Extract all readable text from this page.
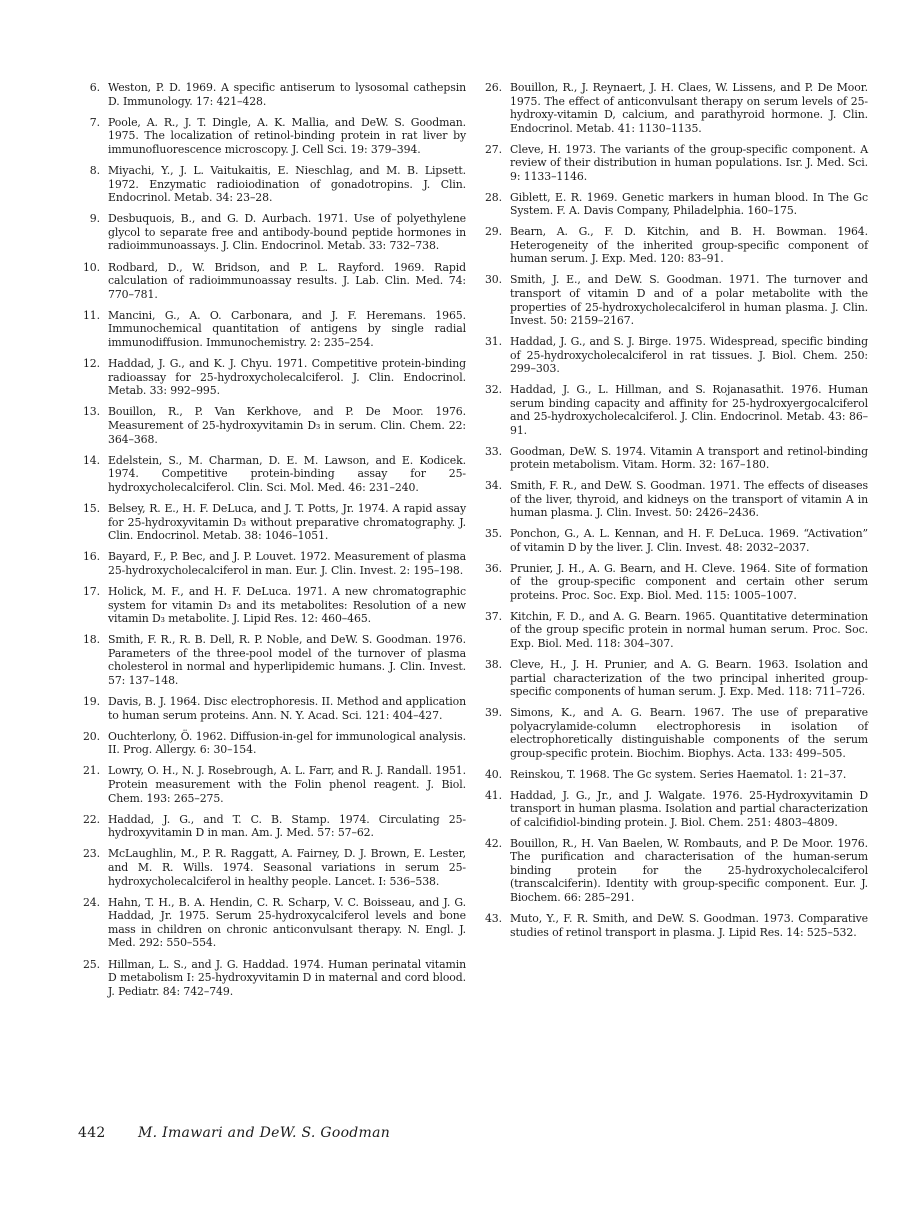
6. Weston, P. D. 1969. A specific antiserum to lysosomal cathepsin D. Immunology. 17: 421–428.
7. Poole, A. R., J. T. Dingle, A. K. Mallia, and DeW. S. Goodman. 1975. The localization of retinol-binding protein in rat liver by immunofluorescence microscopy. J. Cell Sci. 19: 379–394.
8. Miyachi, Y., J. L. Vaitukaitis, E. Nieschlag, and M. B. Lipsett. 1972. Enzymatic radioiodination of gonadotropins. J. Clin. Endocrinol. Metab. 34: 23–28.
9. Desbuquois, B., and G. D. Aurbach. 1971. Use of polyethylene glycol to separate free and antibody-bound peptide hormones in radioimmunoassays. J. Clin. Endocrinol. Metab. 33: 732–738.
10. Rodbard, D., W. Bridson, and P. L. Rayford. 1969. Rapid calculation of radioimmunoassay results. J. Lab. Clin. Med. 74: 770–781.
11. Mancini, G., A. O. Carbonara, and J. F. Heremans. 1965. Immunochemical quantitation of antigens by single radial immunodiffusion. Immunochemistry. 2: 235–254.
12. Haddad, J. G., and K. J. Chyu. 1971. Competitive protein-binding radioassay for 25-hydroxycholecalciferol. J. Clin. Endocrinol. Metab. 33: 992–995.
13. Bouillon, R., P. Van Kerkhove, and P. De Moor. 1976. Measurement of 25-hydroxyvitamin D₃ in serum. Clin. Chem. 22: 364–368.
14. Edelstein, S., M. Charman, D. E. M. Lawson, and E. Kodicek. 1974. Competitive protein-binding assay for 25-hydroxycholecalciferol. Clin. Sci. Mol. Med. 46: 231–240.
15. Belsey, R. E., H. F. DeLuca, and J. T. Potts, Jr. 1974. A rapid assay for 25-hydroxyvitamin D₃ without preparative chromatography. J. Clin. Endocrinol. Metab. 38: 1046–1051.
16. Bayard, F., P. Bec, and J. P. Louvet. 1972. Measurement of plasma 25-hydroxycholecalciferol in man. Eur. J. Clin. Invest. 2: 195–198.
17. Holick, M. F., and H. F. DeLuca. 1971. A new chromatographic system for vitamin D₃ and its metabolites: Resolution of a new vitamin D₃ metabolite. J. Lipid Res. 12: 460–465.
18. Smith, F. R., R. B. Dell, R. P. Noble, and DeW. S. Goodman. 1976. Parameters of the three-pool model of the turnover of plasma cholesterol in normal and hyperlipidemic humans. J. Clin. Invest. 57: 137–148.
19. Davis, B. J. 1964. Disc electrophoresis. II. Method and application to human serum proteins. Ann. N. Y. Acad. Sci. 121: 404–427.
20. Ouchterlony, Ö. 1962. Diffusion-in-gel for immunological analysis. II. Prog. Allergy. 6: 30–154.
21. Lowry, O. H., N. J. Rosebrough, A. L. Farr, and R. J. Randall. 1951. Protein measurement with the Folin phenol reagent. J. Biol. Chem. 193: 265–275.
22. Haddad, J. G., and T. C. B. Stamp. 1974. Circulating 25-hydroxyvitamin D in man. Am. J. Med. 57: 57–62.
23. McLaughlin, M., P. R. Raggatt, A. Fairney, D. J. Brown, E. Lester, and M. R. Wills. 1974. Seasonal variations in serum 25-hydroxycholecalciferol in healthy people. Lancet. I: 536–538.
24. Hahn, T. H., B. A. Hendin, C. R. Scharp, V. C. Boisseau, and J. G. Haddad, Jr. 1975. Serum 25-hydroxycalciferol levels and bone mass in children on chronic anticonvulsant therapy. N. Engl. J. Med. 292: 550–554.
25. Hillman, L. S., and J. G. Haddad. 1974. Human perinatal vitamin D metabolism I: 25-hydroxyvitamin D in maternal and cord blood. J. Pediatr. 84: 742–749.
26. Bouillon, R., J. Reynaert, J. H. Claes, W. Lissens, and P. De Moor. 1975. The effect of anticonvulsant therapy on serum levels of 25-hydroxy-vitamin D, calcium, and parathyroid hormone. J. Clin. Endocrinol. Metab. 41: 1130–1135.
27. Cleve, H. 1973. The variants of the group-specific component. A review of their distribution in human populations. Isr. J. Med. Sci. 9: 1133–1146.
28. Giblett, E. R. 1969. Genetic markers in human blood. In The Gc System. F. A. Davis Company, Philadelphia. 160–175.
29. Bearn, A. G., F. D. Kitchin, and B. H. Bowman. 1964. Heterogeneity of the inherited group-specific component of human serum. J. Exp. Med. 120: 83–91.
30. Smith, J. E., and DeW. S. Goodman. 1971. The turnover and transport of vitamin D and of a polar metabolite with the properties of 25-hydroxycholecalciferol in human plasma. J. Clin. Invest. 50: 2159–2167.
31. Haddad, J. G., and S. J. Birge. 1975. Widespread, specific binding of 25-hydroxycholecalciferol in rat tissues. J. Biol. Chem. 250: 299–303.
32. Haddad, J. G., L. Hillman, and S. Rojanasathit. 1976. Human serum binding capacity and affinity for 25-hydroxyergocalciferol and 25-hydroxycholecalciferol. J. Clin. Endocrinol. Metab. 43: 86–91.
33. Goodman, DeW. S. 1974. Vitamin A transport and retinol-binding protein metabolism. Vitam. Horm. 32: 167–180.
34. Smith, F. R., and DeW. S. Goodman. 1971. The effects of diseases of the liver, thyroid, and kidneys on the transport of vitamin A in human plasma. J. Clin. Invest. 50: 2426–2436.
35. Ponchon, G., A. L. Kennan, and H. F. DeLuca. 1969. “Activation” of vitamin D by the liver. J. Clin. Invest. 48: 2032–2037.
36. Prunier, J. H., A. G. Bearn, and H. Cleve. 1964. Site of formation of the group-specific component and certain other serum proteins. Proc. Soc. Exp. Biol. Med. 115: 1005–1007.
37. Kitchin, F. D., and A. G. Bearn. 1965. Quantitative determination of the group specific protein in normal human serum. Proc. Soc. Exp. Biol. Med. 118: 304–307.
38. Cleve, H., J. H. Prunier, and A. G. Bearn. 1963. Isolation and partial characterization of the two principal inherited group-specific components of human serum. J. Exp. Med. 118: 711–726.
39. Simons, K., and A. G. Bearn. 1967. The use of preparative polyacrylamide-column electrophoresis in isolation of electrophoretically distinguishable components of the serum group-specific protein. Biochim. Biophys. Acta. 133: 499–505.
40. Reinskou, T. 1968. The Gc system. Series Haematol. 1: 21–37.
41. Haddad, J. G., Jr., and J. Walgate. 1976. 25-Hydroxyvitamin D transport in human plasma. Isolation and partial characterization of calcifidiol-binding protein. J. Biol. Chem. 251: 4803–4809.
42. Bouillon, R., H. Van Baelen, W. Rombauts, and P. De Moor. 1976. The purification and characterisation of the human-serum binding protein for the 25-hydroxycholecalciferol (transcalciferin). Identity with group-specific component. Eur. J. Biochem. 66: 285–291.
43. Muto, Y., F. R. Smith, and DeW. S. Goodman. 1973. Comparative studies of retinol transport in plasma. J. Lipid Res. 14: 525–532.
442 M. Imawari and DeW. S. Goodman
